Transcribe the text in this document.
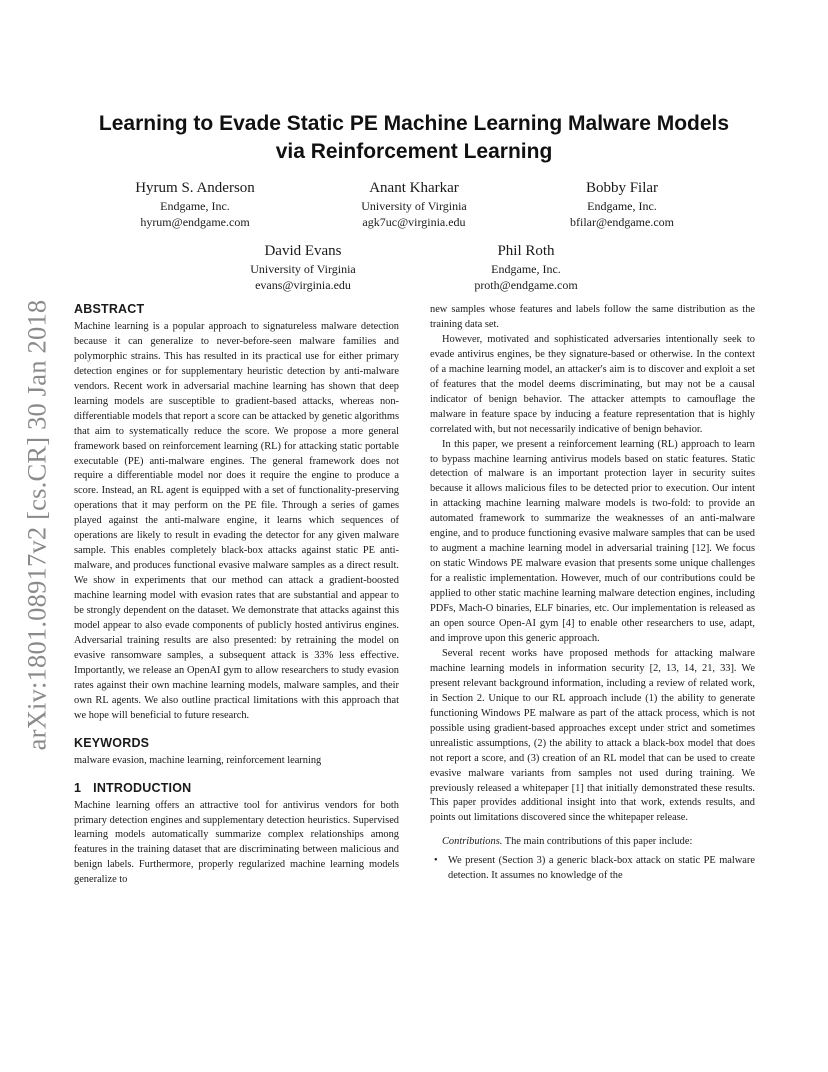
arXiv:1801.08917v2 [cs.CR] 30 Jan 2018
Learning to Evade Static PE Machine Learning Malware Models
via Reinforcement Learning
Hyrum S. Anderson
Endgame, Inc.
hyrum@endgame.com
Anant Kharkar
University of Virginia
agk7uc@virginia.edu
Bobby Filar
Endgame, Inc.
bfilar@endgame.com
David Evans
University of Virginia
evans@virginia.edu
Phil Roth
Endgame, Inc.
proth@endgame.com
ABSTRACT

Machine learning is a popular approach to signatureless malware detection because it can generalize to never-before-seen malware families and polymorphic strains. This has resulted in its practical use for either primary detection engines or for supplementary heuristic detection by anti-malware vendors. Recent work in adversarial machine learning has shown that deep learning models are susceptible to gradient-based attacks, whereas non-differentiable models that report a score can be attacked by genetic algorithms that aim to systematically reduce the score. We propose a more general framework based on reinforcement learning (RL) for attacking static portable executable (PE) anti-malware engines. The general framework does not require a differentiable model nor does it require the engine to produce a score. Instead, an RL agent is equipped with a set of functionality-preserving operations that it may perform on the PE file. Through a series of games played against the anti-malware engine, it learns which sequences of operations are likely to result in evading the detector for any given malware sample. This enables completely black-box attacks against static PE anti-malware, and produces functional evasive malware samples as a direct result. We show in experiments that our method can attack a gradient-boosted machine learning model with evasion rates that are substantial and appear to be strongly dependent on the dataset. We demonstrate that attacks against this model appear to also evade components of publicly hosted antivirus engines. Adversarial training results are also presented: by retraining the model on evasive ransomware samples, a subsequent attack is 33% less effective. Importantly, we release an OpenAI gym to allow researchers to study evasion rates against their own machine learning models, malware samples, and their own RL agents. We also outline practical limitations with this approach that we hope will beneficial to future research.

KEYWORDS

malware evasion, machine learning, reinforcement learning

1 INTRODUCTION

Machine learning offers an attractive tool for antivirus vendors for both primary detection engines and supplementary detection heuristics. Supervised learning models automatically summarize complex relationships among features in the training dataset that are discriminating between malicious and benign labels. Furthermore, properly regularized machine learning models generalize to

new samples whose features and labels follow the same distribution as the training data set.

However, motivated and sophisticated adversaries intentionally seek to evade antivirus engines, be they signature-based or otherwise. In the context of a machine learning model, an attacker's aim is to discover and exploit a set of features that the model deems discriminating, but may not be a causal indicator of benign behavior. The attacker attempts to camouflage the malware in feature space by inducing a feature representation that is highly correlated with, but not necessarily indicative of benign behavior.

In this paper, we present a reinforcement learning (RL) approach to learn to bypass machine learning antivirus models based on static features. Static detection of malware is an important protection layer in security suites because it allows malicious files to be detected prior to execution. Our intent in attacking machine learning malware models is two-fold: to provide an automated framework to summarize the weaknesses of an anti-malware engine, and to produce functioning evasive malware samples that can be used to augment a machine learning model in adversarial training [12]. We focus on static Windows PE malware evasion that presents some unique challenges for a realistic implementation. However, much of our contributions could be applied to other static machine learning malware detection engines, including PDFs, Mach-O binaries, ELF binaries, etc. Our implementation is released as an open source Open-AI gym [4] to enable other researchers to use, adapt, and improve upon this generic approach.

Several recent works have proposed methods for attacking malware machine learning models in information security [2, 13, 14, 21, 33]. We present relevant background information, including a review of related work, in Section 2. Unique to our RL approach include (1) the ability to generate functioning Windows PE malware as part of the attack process, which is not possible using gradient-based approaches except under strict and sometimes unrealistic assumptions, (2) the ability to attack a black-box model that does not report a score, and (3) creation of an RL model that can be used to create evasive malware variants from samples not used during training. We previously released a whitepaper [1] that initially demonstrated these results. This paper provides additional insight into that work, extends results, and points out limitations discovered since the whitepaper release.

Contributions. The main contributions of this paper include:

• We present (Section 3) a generic black-box attack on static PE malware detection. It assumes no knowledge of the
